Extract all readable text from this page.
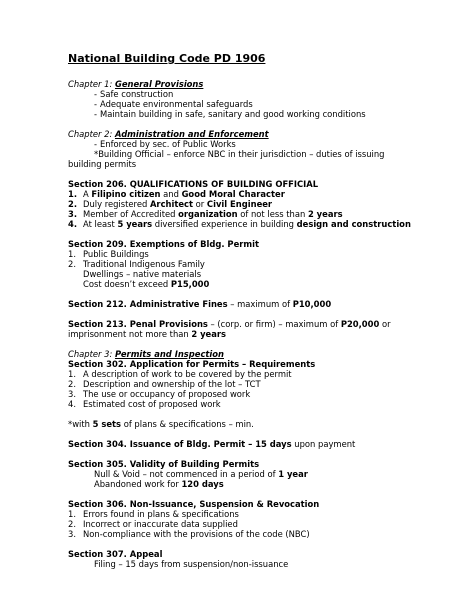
National Building Code PD 1906
Chapter 1: General Provisions
- Safe construction
- Adequate environmental safeguards
- Maintain building in safe, sanitary and good working conditions
Chapter 2: Administration and Enforcement
- Enforced by sec. of Public Works
*Building Official – enforce NBC in their jurisdiction – duties of issuing
building permits
Section 206. QUALIFICATIONS OF BUILDING OFFICIAL
1. A Filipino citizen and Good Moral Character
2. Duly registered Architect or Civil Engineer
3. Member of Accredited organization of not less than 2 years
4. At least 5 years diversified experience in building design and construction
Section 209. Exemptions of Bldg. Permit
1. Public Buildings
2. Traditional Indigenous Family
Dwellings – native materials
Cost doesn’t exceed P15,000
Section 212. Administrative Fines – maximum of P10,000
Section 213. Penal Provisions – (corp. or firm) – maximum of P20,000 or
imprisonment not more than 2 years
Chapter 3: Permits and Inspection
Section 302. Application for Permits – Requirements
1. A description of work to be covered by the permit
2. Description and ownership of the lot – TCT
3. The use or occupancy of proposed work
4. Estimated cost of proposed work
*with 5 sets of plans & specifications – min.
Section 304. Issuance of Bldg. Permit – 15 days upon payment
Section 305. Validity of Building Permits
Null & Void – not commenced in a period of 1 year
Abandoned work for 120 days
Section 306. Non-Issuance, Suspension & Revocation
1. Errors found in plans & specifications
2. Incorrect or inaccurate data supplied
3. Non-compliance with the provisions of the code (NBC)
Section 307. Appeal
Filing – 15 days from suspension/non-issuance
